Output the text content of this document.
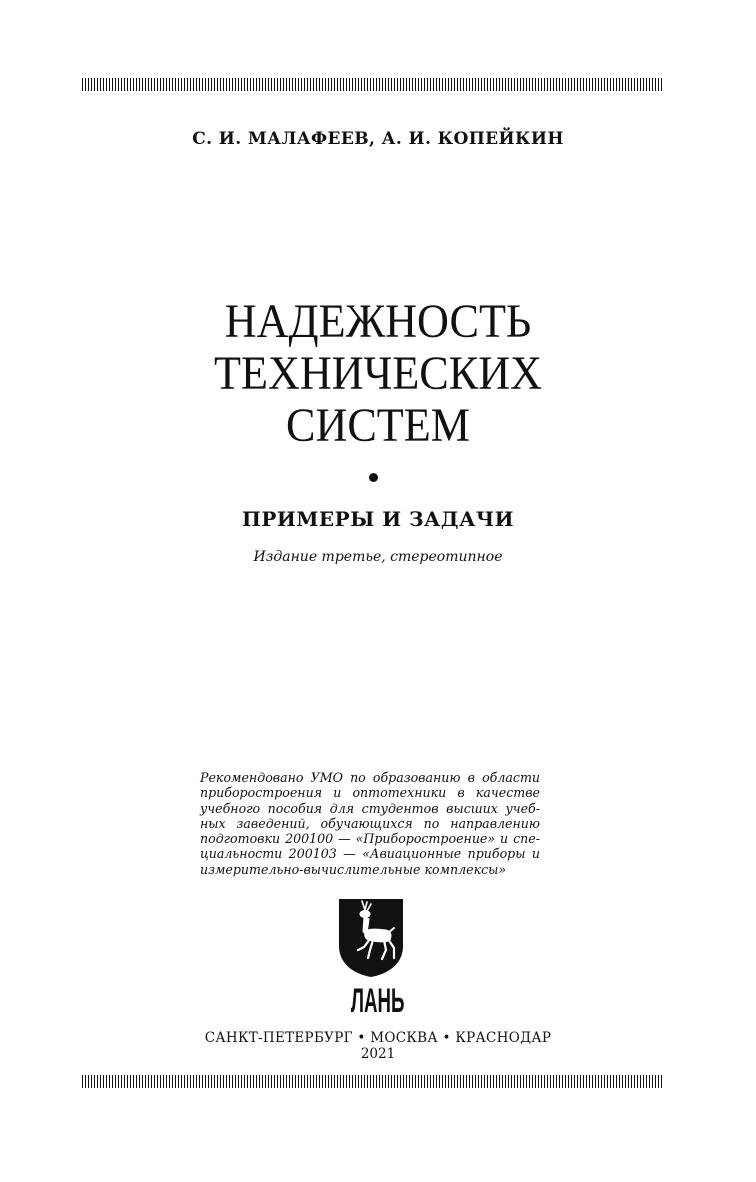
С. И. МАЛАФЕЕВ, А. И. КОПЕЙКИН
НАДЕЖНОСТЬ
ТЕХНИЧЕСКИХ
СИСТЕМ
ПРИМЕРЫ И ЗАДАЧИ
Издание третье, стереотипное
Рекомендовано УМО по образованию в области
приборостроения и оптотехники в качестве
учебного пособия для студентов высших учеб-
ных заведений, обучающихся по направлению
подготовки 200100 — «Приборостроение» и спе-
циальности 200103 — «Авиационные приборы и
измерительно-вычислительные комплексы»
ЛАНЬ
САНКТ-ПЕТЕРБУРГ • МОСКВА • КРАСНОДАР
2021
